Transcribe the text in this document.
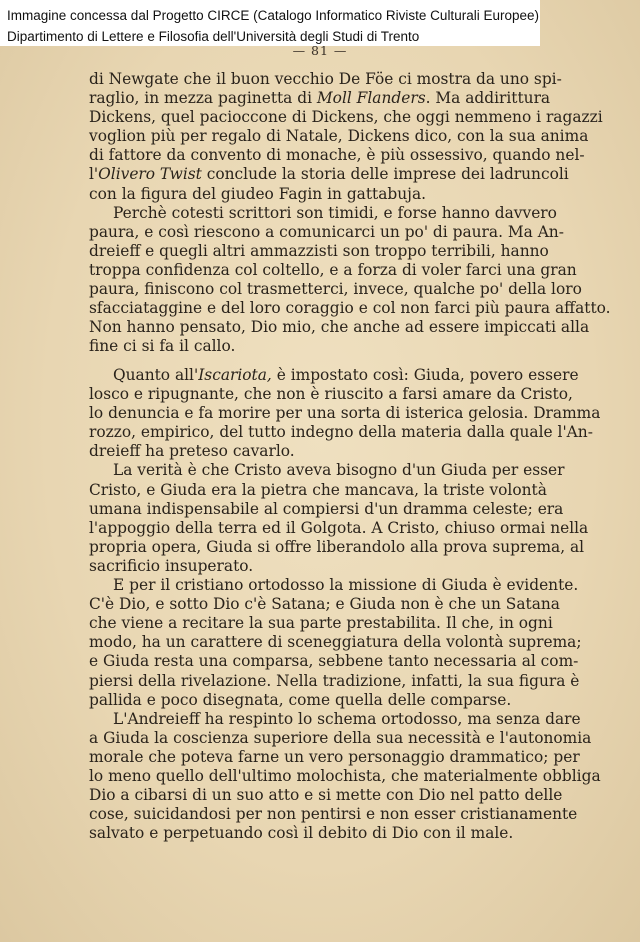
Immagine concessa dal Progetto CIRCE (Catalogo Informatico Riviste Culturali Europee)
Dipartimento di Lettere e Filosofia dell'Università degli Studi di Trento
— 81 —
di Newgate che il buon vecchio De Föe ci mostra da uno spi-
raglio, in mezza paginetta di Moll Flanders. Ma addirittura
Dickens, quel pacioccone di Dickens, che oggi nemmeno i ragazzi
voglion più per regalo di Natale, Dickens dico, con la sua anima
di fattore da convento di monache, è più ossessivo, quando nel-
l'Olivero Twist conclude la storia delle imprese dei ladruncoli
con la figura del giudeo Fagin in gattabuja.
Perchè cotesti scrittori son timidi, e forse hanno davvero
paura, e così riescono a comunicarci un po' di paura. Ma An-
dreieff e quegli altri ammazzisti son troppo terribili, hanno
troppa confidenza col coltello, e a forza di voler farci una gran
paura, finiscono col trasmetterci, invece, qualche po' della loro
sfacciataggine e del loro coraggio e col non farci più paura affatto.
Non hanno pensato, Dio mio, che anche ad essere impiccati alla
fine ci si fa il callo.
Quanto all'Iscariota, è impostato così: Giuda, povero essere
losco e ripugnante, che non è riuscito a farsi amare da Cristo,
lo denuncia e fa morire per una sorta di isterica gelosia. Dramma
rozzo, empirico, del tutto indegno della materia dalla quale l'An-
dreieff ha preteso cavarlo.
La verità è che Cristo aveva bisogno d'un Giuda per esser
Cristo, e Giuda era la pietra che mancava, la triste volontà
umana indispensabile al compiersi d'un dramma celeste; era
l'appoggio della terra ed il Golgota. A Cristo, chiuso ormai nella
propria opera, Giuda si offre liberandolo alla prova suprema, al
sacrificio insuperato.
E per il cristiano ortodosso la missione di Giuda è evidente.
C'è Dio, e sotto Dio c'è Satana; e Giuda non è che un Satana
che viene a recitare la sua parte prestabilita. Il che, in ogni
modo, ha un carattere di sceneggiatura della volontà suprema;
e Giuda resta una comparsa, sebbene tanto necessaria al com-
piersi della rivelazione. Nella tradizione, infatti, la sua figura è
pallida e poco disegnata, come quella delle comparse.
L'Andreieff ha respinto lo schema ortodosso, ma senza dare
a Giuda la coscienza superiore della sua necessità e l'autonomia
morale che poteva farne un vero personaggio drammatico; per
lo meno quello dell'ultimo molochista, che materialmente obbliga
Dio a cibarsi di un suo atto e si mette con Dio nel patto delle
cose, suicidandosi per non pentirsi e non esser cristianamente
salvato e perpetuando così il debito di Dio con il male.
